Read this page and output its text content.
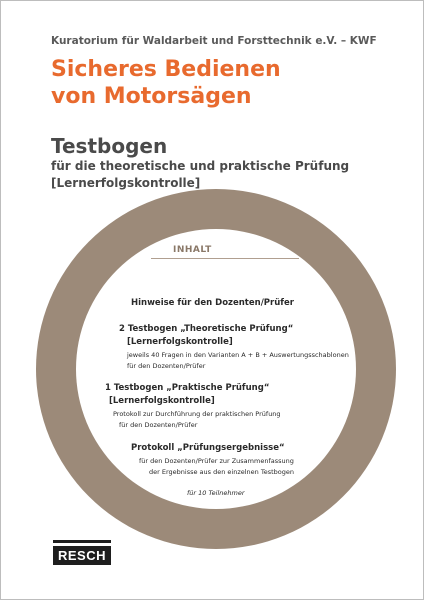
Kuratorium für Waldarbeit und Forsttechnik e.V. – KWF
Sicheres Bedienen
von Motorsägen
Testbogen
für die theoretische und praktische Prüfung
[Lernerfolgskontrolle]
INHALT
Hinweise für den Dozenten/Prüfer
2 Testbogen „Theoretische Prüfung“
[Lernerfolgskontrolle]
jeweils 40 Fragen in den Varianten A + B + Auswertungsschablonen
für den Dozenten/Prüfer
1 Testbogen „Praktische Prüfung“
[Lernerfolgskontrolle]
Protokoll zur Durchführung der praktischen Prüfung
für den Dozenten/Prüfer
Protokoll „Prüfungsergebnisse“
für den Dozenten/Prüfer zur Zusammenfassung
der Ergebnisse aus den einzelnen Testbogen
für 10 Teilnehmer
RESCH
